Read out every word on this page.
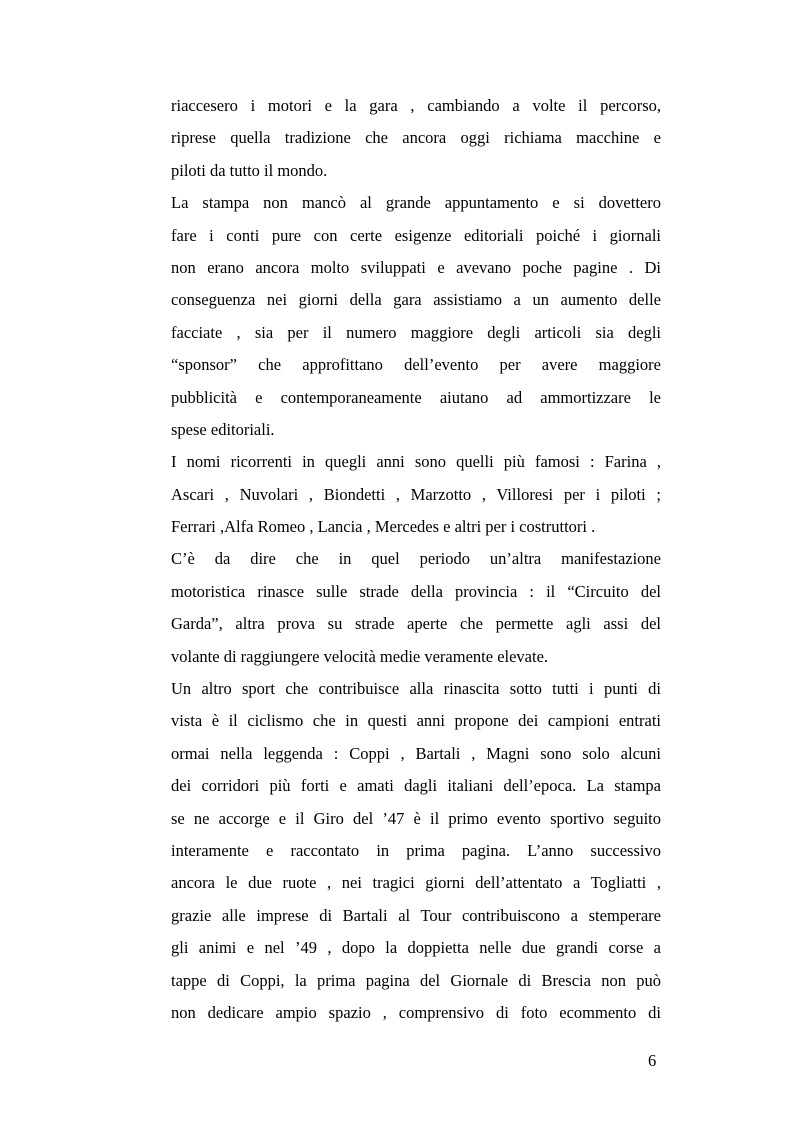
riaccesero i motori e la gara , cambiando a volte il percorso,
riprese quella tradizione che ancora oggi richiama macchine e
piloti da tutto il mondo.
La stampa non mancò al grande appuntamento e si dovettero
fare i conti pure con certe esigenze editoriali poiché i giornali
non erano ancora molto sviluppati e avevano poche pagine . Di
conseguenza nei giorni della gara assistiamo a un aumento delle
facciate , sia per il numero maggiore degli articoli sia degli
“sponsor” che approfittano dell’evento per avere maggiore
pubblicità e contemporaneamente aiutano ad ammortizzare le
spese editoriali.
I nomi ricorrenti in quegli anni sono quelli più famosi : Farina ,
Ascari , Nuvolari , Biondetti , Marzotto , Villoresi per i piloti ;
Ferrari ,Alfa Romeo , Lancia , Mercedes e altri per i costruttori .
C’è da dire che in quel periodo un’altra manifestazione
motoristica rinasce sulle strade della provincia : il “Circuito del
Garda”, altra prova su strade aperte che permette agli assi del
volante di raggiungere velocità medie veramente elevate.
Un altro sport che contribuisce alla rinascita sotto tutti i punti di
vista è il ciclismo che in questi anni propone dei campioni entrati
ormai nella leggenda : Coppi , Bartali , Magni sono solo alcuni
dei corridori più forti e amati dagli italiani dell’epoca. La stampa
se ne accorge e il Giro del ’47 è il primo evento sportivo seguito
interamente e raccontato in prima pagina. L’anno successivo
ancora le due ruote , nei tragici giorni dell’attentato a Togliatti ,
grazie alle imprese di Bartali al Tour contribuiscono a stemperare
gli animi e nel ’49 , dopo la doppietta nelle due grandi corse a
tappe di Coppi, la prima pagina del Giornale di Brescia non può
non dedicare ampio spazio , comprensivo di foto ecommento di
6
